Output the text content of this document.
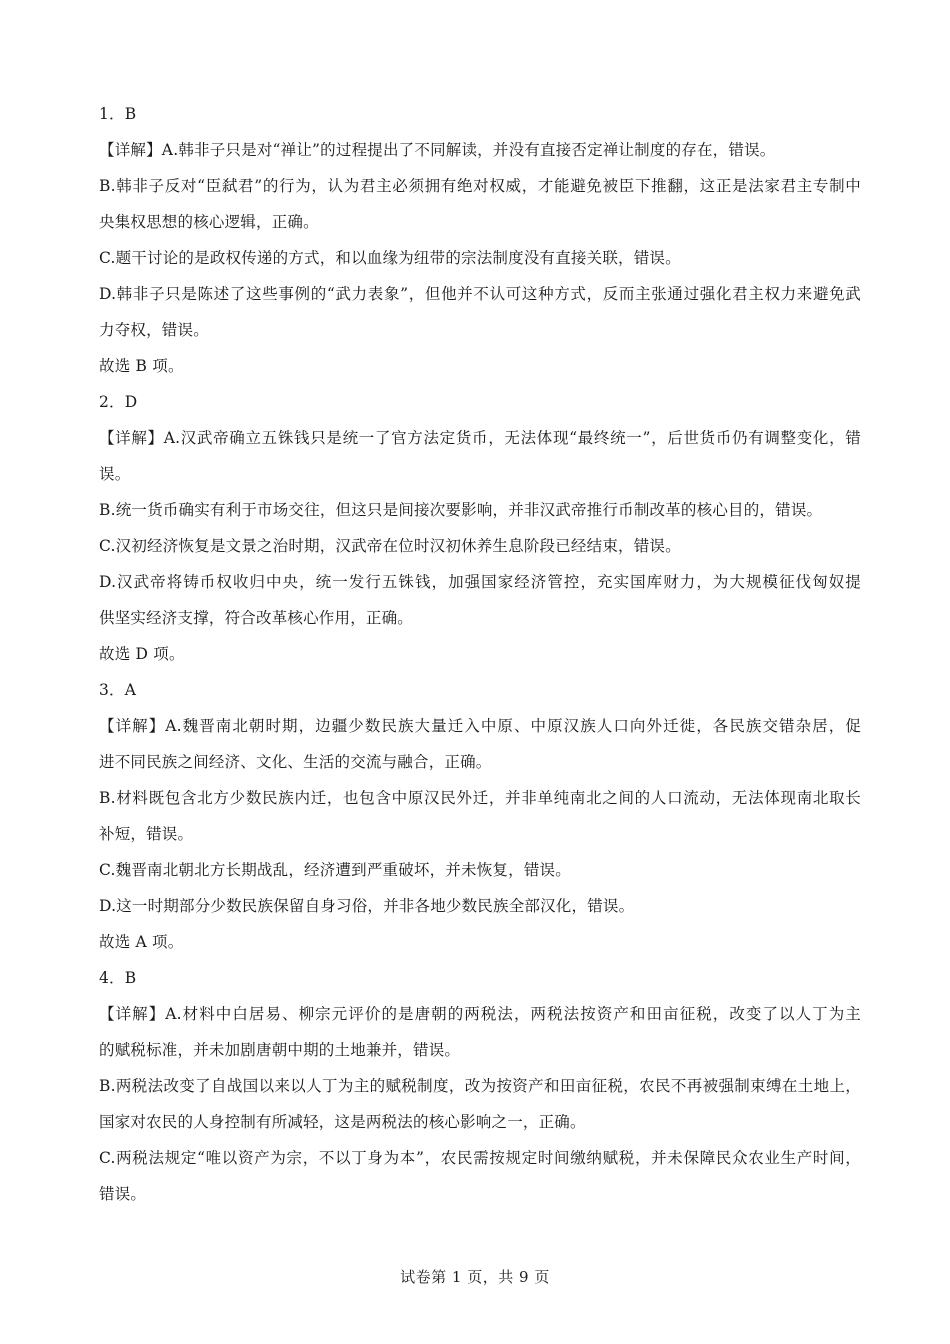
1．B
【详解】A.韩非子只是对“禅让”的过程提出了不同解读，并没有直接否定禅让制度的存在，错误。
B.韩非子反对“臣弑君”的行为，认为君主必须拥有绝对权威，才能避免被臣下推翻，这正是法家君主专制中
央集权思想的核心逻辑，正确。
C.题干讨论的是政权传递的方式，和以血缘为纽带的宗法制度没有直接关联，错误。
D.韩非子只是陈述了这些事例的“武力表象”，但他并不认可这种方式，反而主张通过强化君主权力来避免武
力夺权，错误。
故选 B 项。
2．D
【详解】A.汉武帝确立五铢钱只是统一了官方法定货币，无法体现“最终统一”，后世货币仍有调整变化，错
误。
B.统一货币确实有利于市场交往，但这只是间接次要影响，并非汉武帝推行币制改革的核心目的，错误。
C.汉初经济恢复是文景之治时期，汉武帝在位时汉初休养生息阶段已经结束，错误。
D.汉武帝将铸币权收归中央，统一发行五铢钱，加强国家经济管控，充实国库财力，为大规模征伐匈奴提
供坚实经济支撑，符合改革核心作用，正确。
故选 D 项。
3．A
【详解】A.魏晋南北朝时期，边疆少数民族大量迁入中原、中原汉族人口向外迁徙，各民族交错杂居，促
进不同民族之间经济、文化、生活的交流与融合，正确。
B.材料既包含北方少数民族内迁，也包含中原汉民外迁，并非单纯南北之间的人口流动，无法体现南北取长
补短，错误。
C.魏晋南北朝北方长期战乱，经济遭到严重破坏，并未恢复，错误。
D.这一时期部分少数民族保留自身习俗，并非各地少数民族全部汉化，错误。
故选 A 项。
4．B
【详解】A.材料中白居易、柳宗元评价的是唐朝的两税法，两税法按资产和田亩征税，改变了以人丁为主
的赋税标准，并未加剧唐朝中期的土地兼并，错误。
B.两税法改变了自战国以来以人丁为主的赋税制度，改为按资产和田亩征税，农民不再被强制束缚在土地上，
国家对农民的人身控制有所减轻，这是两税法的核心影响之一，正确。
C.两税法规定“唯以资产为宗，不以丁身为本”，农民需按规定时间缴纳赋税，并未保障民众农业生产时间，
错误。
试卷第 1 页，共 9 页
